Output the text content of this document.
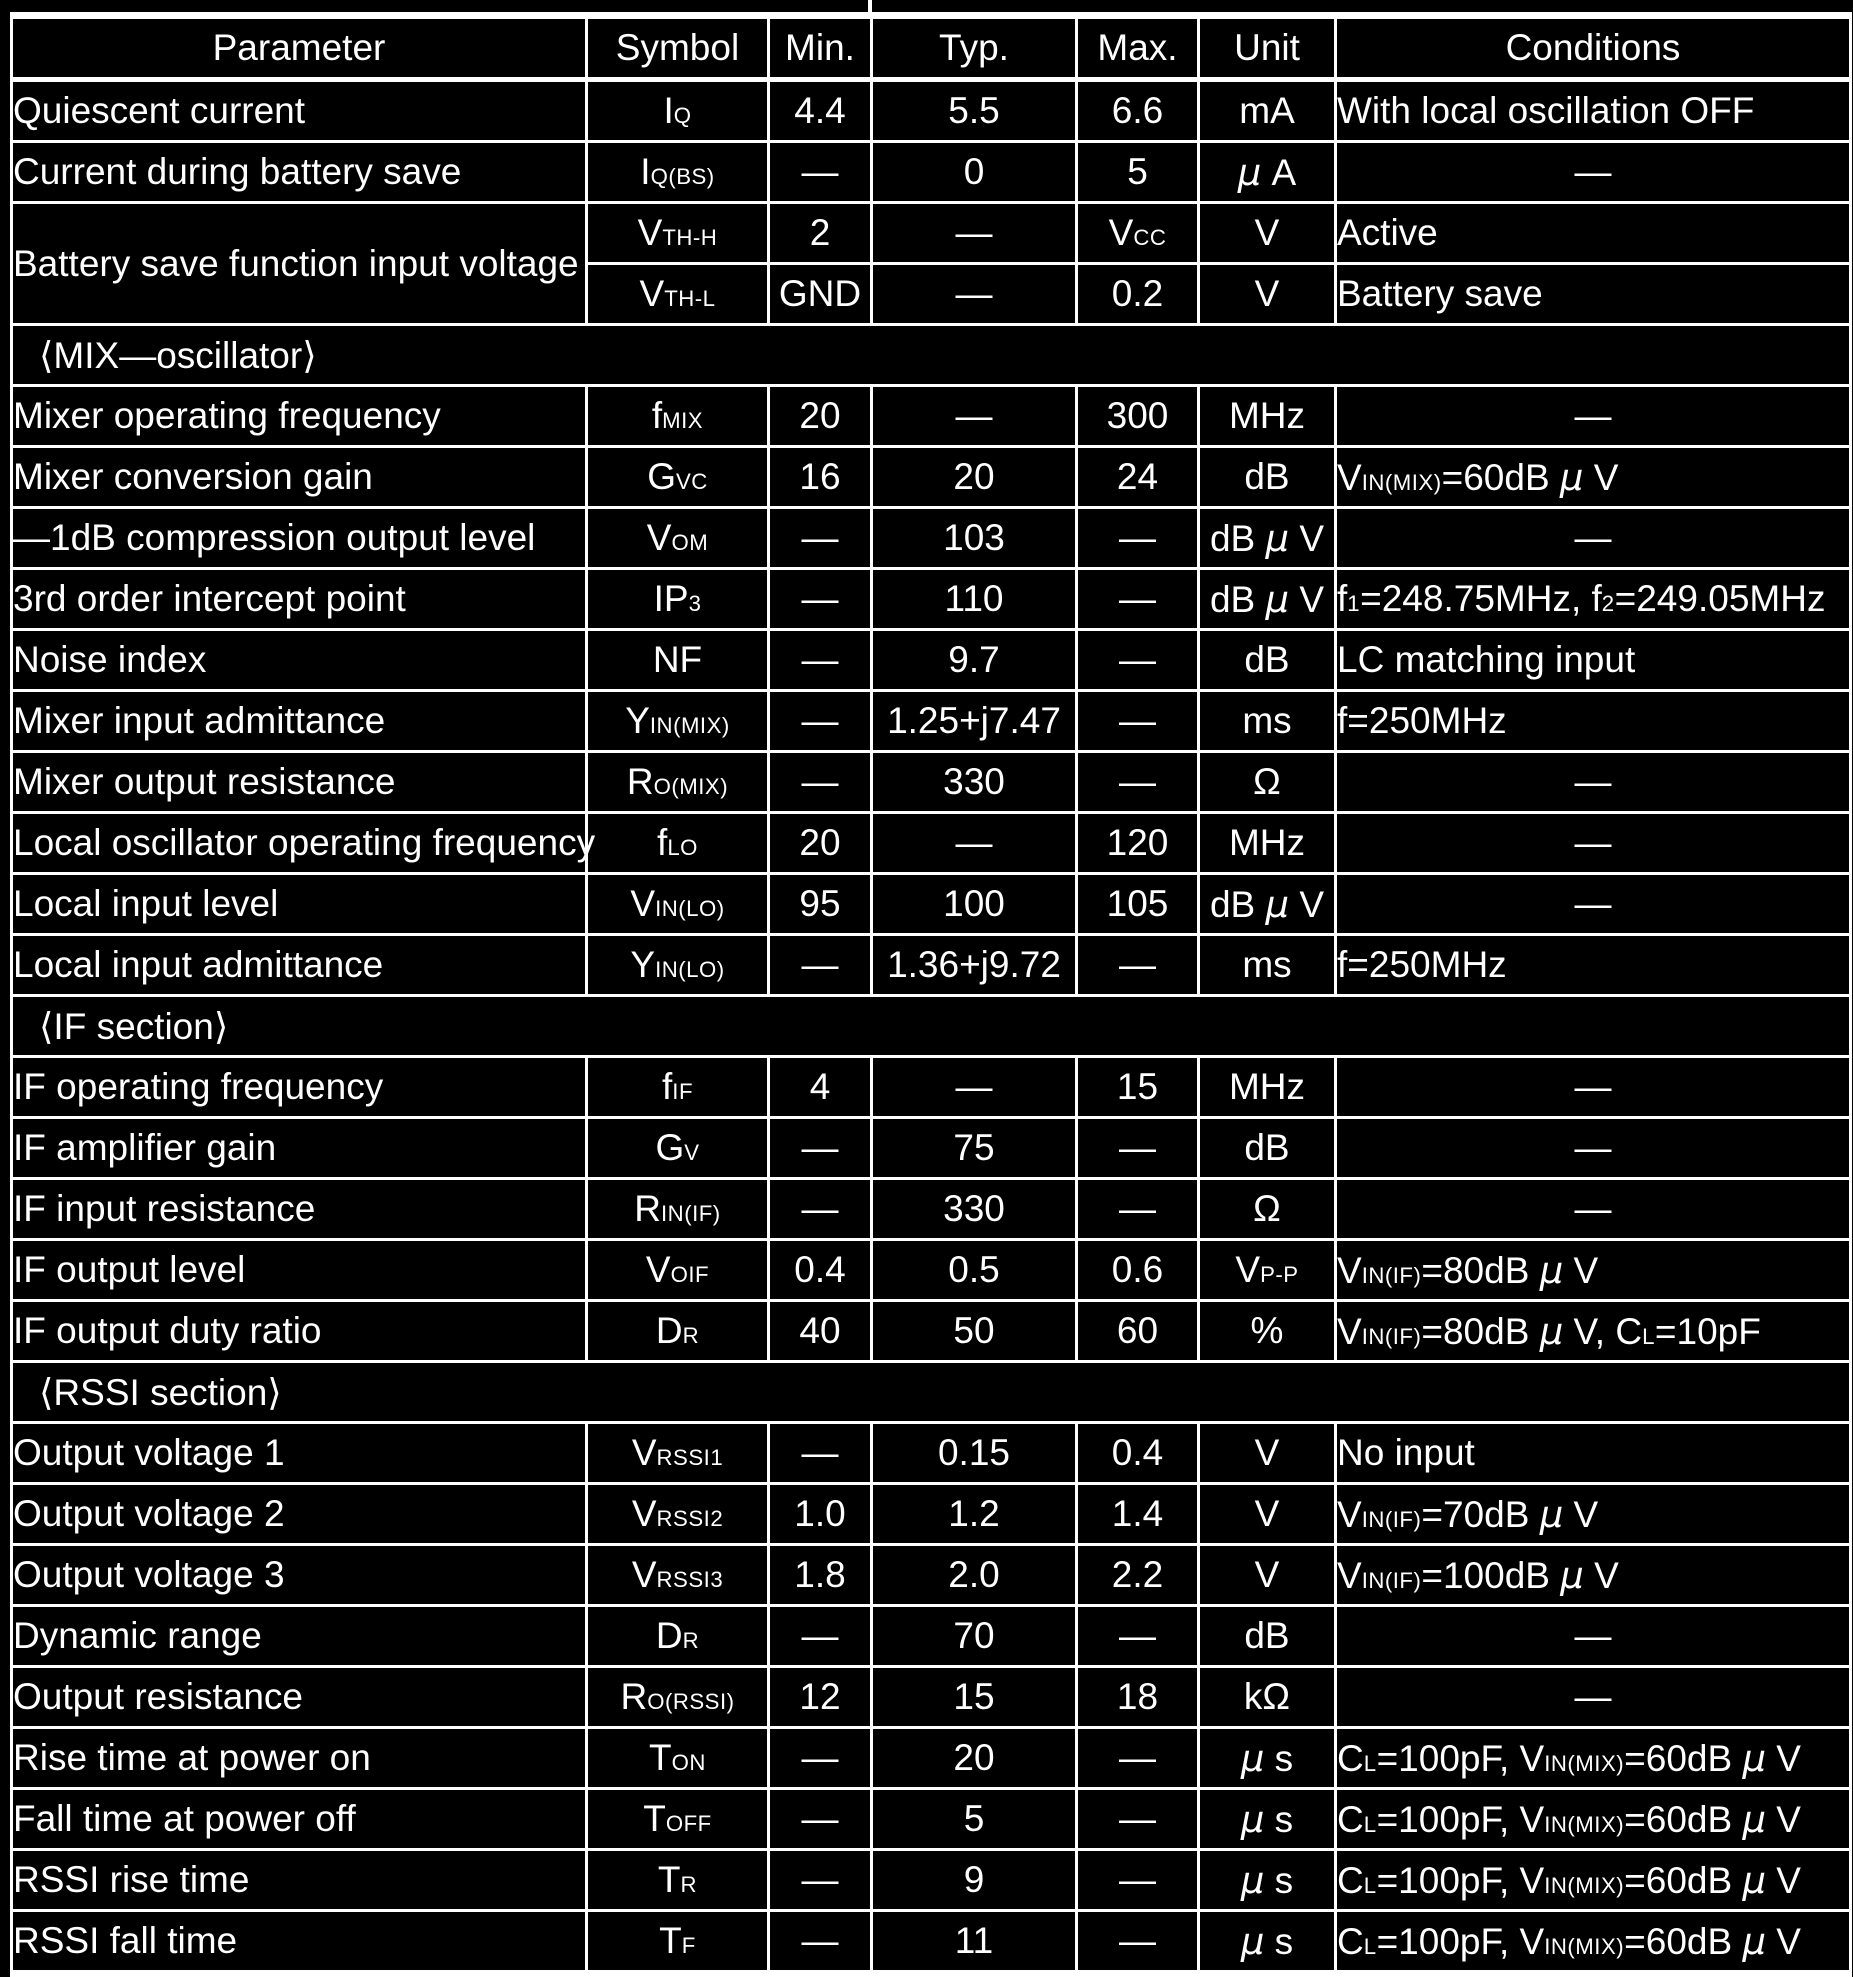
Parameter	Symbol	Min.	Typ.	Max.	Unit	Conditions
Quiescent current	IQ	4.4	5.5	6.6	mA	With local oscillation OFF
Current during battery save	IQ(BS)	—	0	5	μ A	—
Battery save function input voltage	VTH-H	2	—	VCC	V	Active
	VTH-L	GND	—	0.2	V	Battery save
⟨MIX—oscillator⟩						
Mixer operating frequency	fMIX	20	—	300	MHz	—
Mixer conversion gain	GVC	16	20	24	dB	VIN(MIX)=60dB μ V
—1dB compression output level	VOM	—	103	—	dB μ V	—
3rd order intercept point	IP3	—	110	—	dB μ V	f1=248.75MHz, f2=249.05MHz
Noise index	NF	—	9.7	—	dB	LC matching input
Mixer input admittance	YIN(MIX)	—	1.25+j7.47	—	ms	f=250MHz
Mixer output resistance	RO(MIX)	—	330	—	Ω	—
Local oscillator operating frequency	fLO	20	—	120	MHz	—
Local input level	VIN(LO)	95	100	105	dB μ V	—
Local input admittance	YIN(LO)	—	1.36+j9.72	—	ms	f=250MHz
⟨IF section⟩						
IF operating frequency	fIF	4	—	15	MHz	—
IF amplifier gain	GV	—	75	—	dB	—
IF input resistance	RIN(IF)	—	330	—	Ω	—
IF output level	VOIF	0.4	0.5	0.6	VP-P	VIN(IF)=80dB μ V
IF output duty ratio	DR	40	50	60	%	VIN(IF)=80dB μ V, CL=10pF
⟨RSSI section⟩						
Output voltage 1	VRSSI1	—	0.15	0.4	V	No input
Output voltage 2	VRSSI2	1.0	1.2	1.4	V	VIN(IF)=70dB μ V
Output voltage 3	VRSSI3	1.8	2.0	2.2	V	VIN(IF)=100dB μ V
Dynamic range	DR	—	70	—	dB	—
Output resistance	RO(RSSI)	12	15	18	kΩ	—
Rise time at power on	TON	—	20	—	μ s	CL=100pF, VIN(MIX)=60dB μ V
Fall time at power off	TOFF	—	5	—	μ s	CL=100pF, VIN(MIX)=60dB μ V
RSSI rise time	TR	—	9	—	μ s	CL=100pF, VIN(MIX)=60dB μ V
RSSI fall time	TF	—	11	—	μ s	CL=100pF, VIN(MIX)=60dB μ V
